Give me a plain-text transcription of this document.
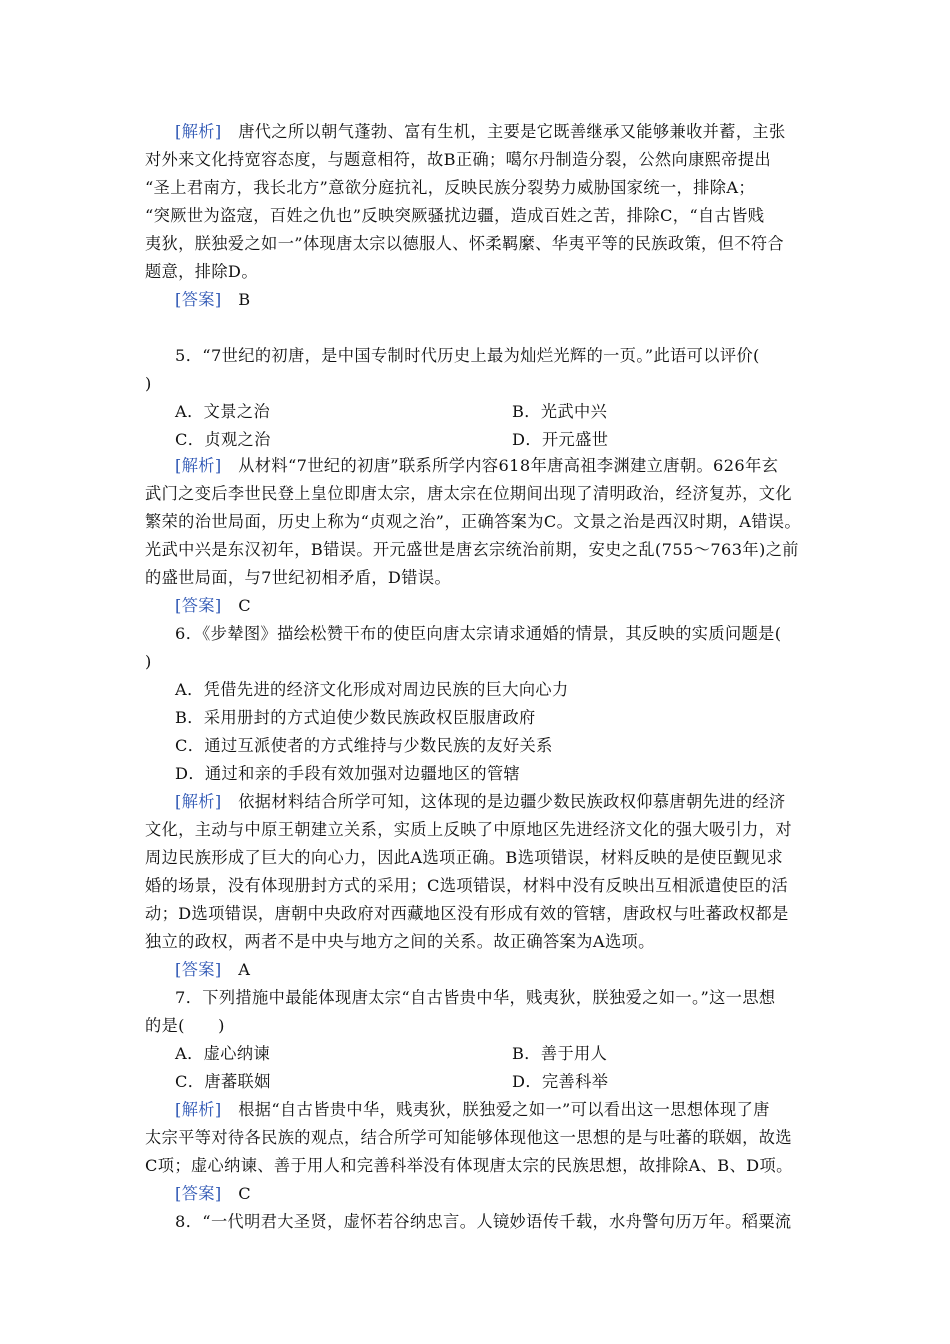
[解析]　 唐代之所以朝气蓬勃、富有生机，主要是它既善继承又能够兼收并蓄，主张
对外来文化持宽容态度，与题意相符，故B正确；噶尔丹制造分裂，公然向康熙帝提出
“圣上君南方，我长北方”意欲分庭抗礼，反映民族分裂势力威胁国家统一，排除A；
“突厥世为盗寇，百姓之仇也”反映突厥骚扰边疆，造成百姓之苦，排除C，“自古皆贱
夷狄，朕独爱之如一”体现唐太宗以德服人、怀柔羁縻、华夷平等的民族政策，但不符合
题意，排除D。
[答案]　 B
5．“7世纪的初唐，是中国专制时代历史上最为灿烂光辉的一页。”此语可以评价(
)
A．文景之治	B．光武中兴
C．贞观之治	D．开元盛世
[解析]　 从材料“7世纪的初唐”联系所学内容618年唐高祖李渊建立唐朝。626年玄
武门之变后李世民登上皇位即唐太宗，唐太宗在位期间出现了清明政治，经济复苏，文化
繁荣的治世局面，历史上称为“贞观之治”，正确答案为C。文景之治是西汉时期，A错误。
光武中兴是东汉初年，B错误。开元盛世是唐玄宗统治前期，安史之乱(755～763年)之前
的盛世局面，与7世纪初相矛盾，D错误。
[答案]　 C
6．《步辇图》描绘松赞干布的使臣向唐太宗请求通婚的情景，其反映的实质问题是(
)
A．凭借先进的经济文化形成对周边民族的巨大向心力
B．采用册封的方式迫使少数民族政权臣服唐政府
C．通过互派使者的方式维持与少数民族的友好关系
D．通过和亲的手段有效加强对边疆地区的管辖
[解析]　 依据材料结合所学可知，这体现的是边疆少数民族政权仰慕唐朝先进的经济
文化，主动与中原王朝建立关系，实质上反映了中原地区先进经济文化的强大吸引力，对
周边民族形成了巨大的向心力，因此A选项正确。B选项错误，材料反映的是使臣觐见求
婚的场景，没有体现册封方式的采用；C选项错误，材料中没有反映出互相派遣使臣的活
动；D选项错误，唐朝中央政府对西藏地区没有形成有效的管辖，唐政权与吐蕃政权都是
独立的政权，两者不是中央与地方之间的关系。故正确答案为A选项。
[答案]　 A
7．下列措施中最能体现唐太宗“自古皆贵中华，贱夷狄，朕独爱之如一。”这一思想
的是(　　)
A．虚心纳谏	B．善于用人
C．唐蕃联姻	D．完善科举
[解析]　 根据“自古皆贵中华，贱夷狄，朕独爱之如一”可以看出这一思想体现了唐
太宗平等对待各民族的观点，结合所学可知能够体现他这一思想的是与吐蕃的联姻，故选
C项；虚心纳谏、善于用人和完善科举没有体现唐太宗的民族思想，故排除A、B、D项。
[答案]　 C
8．“一代明君大圣贤，虚怀若谷纳忠言。人镜妙语传千载，水舟警句历万年。稻粟流
